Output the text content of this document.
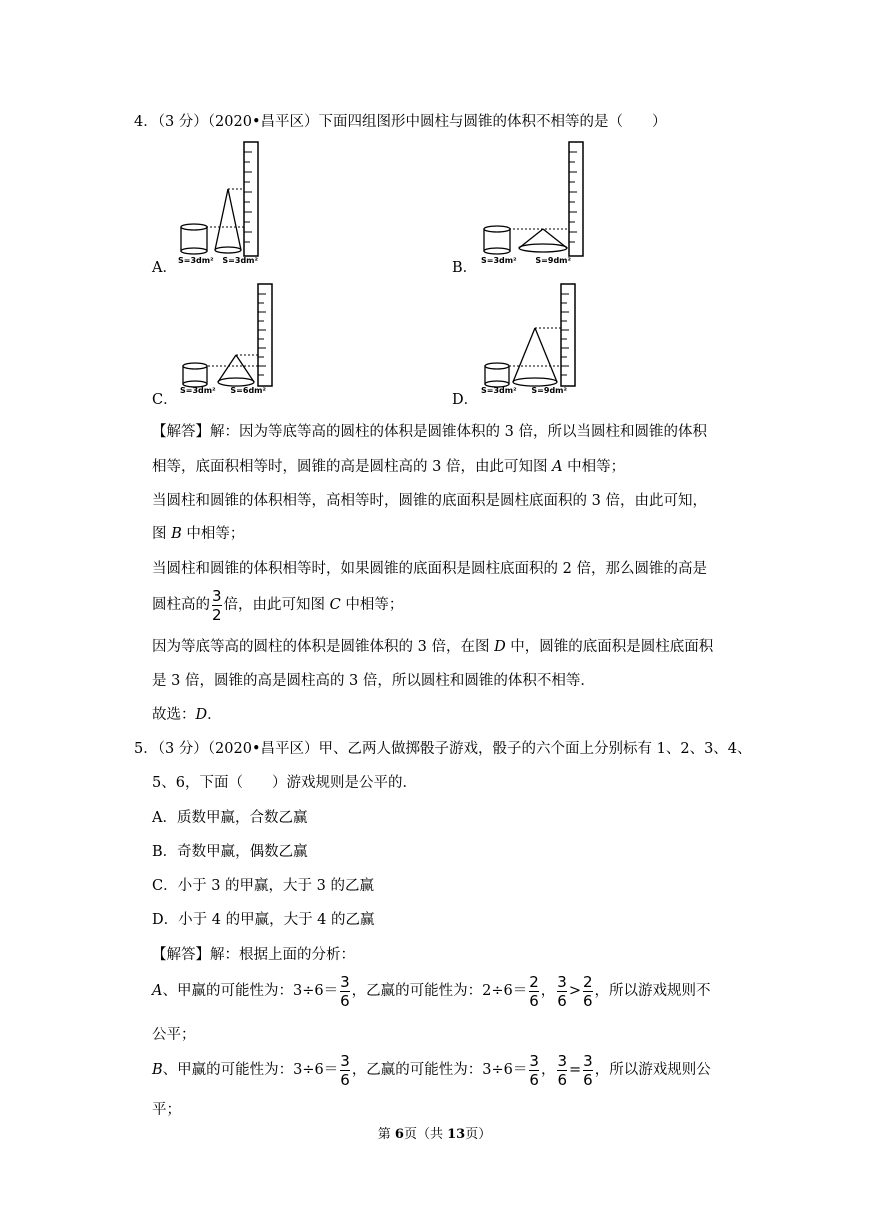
4．（3 分）（2020•昌平区）下面四组图形中圆柱与圆锥的体积不相等的是（　　）
S=3dm² S=3dm²
A．	S=3dm² S=9dm²
B．
S=3dm² S=6dm²
C．
S=3dm² S=9dm²
D．
【解答】解：因为等底等高的圆柱的体积是圆锥体积的 3 倍，所以当圆柱和圆锥的体积
相等，底面积相等时，圆锥的高是圆柱高的 3 倍，由此可知图 A 中相等；
当圆柱和圆锥的体积相等，高相等时，圆锥的底面积是圆柱底面积的 3 倍，由此可知，
图 B 中相等；
当圆柱和圆锥的体积相等时，如果圆锥的底面积是圆柱底面积的 2 倍，那么圆锥的高是
圆柱高的 $\frac{3}{2}$ 倍，由此可知图 C 中相等；
因为等底等高的圆柱的体积是圆锥体积的 3 倍，在图 D 中，圆锥的底面积是圆柱底面积
是 3 倍，圆锥的高是圆柱高的 3 倍，所以圆柱和圆锥的体积不相等．
故选：D．
5．（3 分）（2020•昌平区）甲、乙两人做掷骰子游戏，骰子的六个面上分别标有 1、2、3、4、
5、6，下面（　　）游戏规则是公平的．
A．质数甲赢，合数乙赢
B．奇数甲赢，偶数乙赢
C．小于 3 的甲赢，大于 3 的乙赢
D．小于 4 的甲赢，大于 4 的乙赢
【解答】解：根据上面的分析：
A、甲赢的可能性为：$3\div 6= \frac{3}{6}$ ，乙赢的可能性为：$2\div 6= \frac{2}{6}$ ， $\frac{3}{6} > \frac{2}{6}$ ，所以游戏规则不
公平；
B、甲赢的可能性为：$3\div 6= \frac{3}{6}$ ，乙赢的可能性为：$3\div 6= \frac{3}{6}$ ， $\frac{3}{6} = \frac{3}{6}$ ，所以游戏规则公
平；
第 6页（共 13页）
